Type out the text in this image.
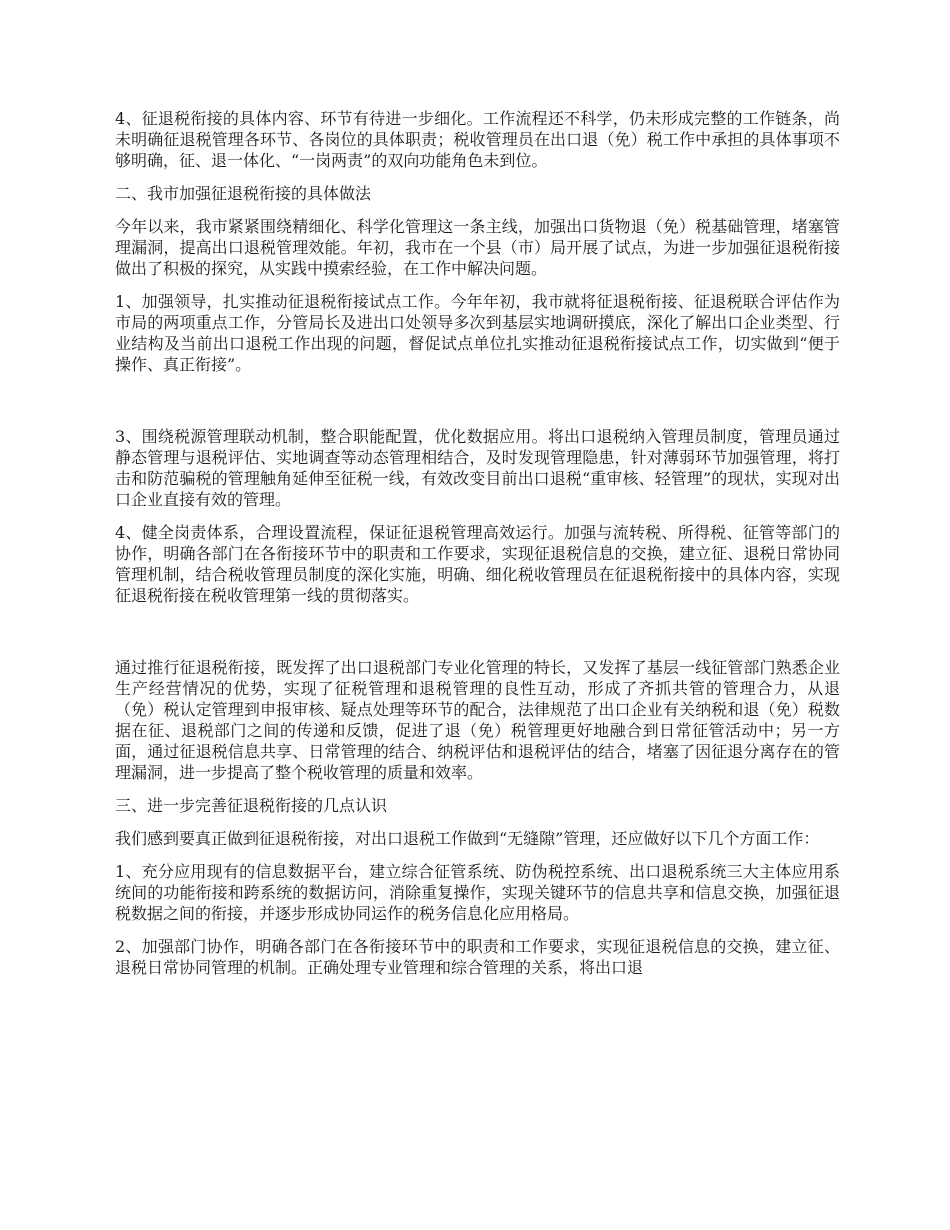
4、征退税衔接的具体内容、环节有待进一步细化。工作流程还不科学，仍未形成完整的工作链条，尚未明确征退税管理各环节、各岗位的具体职责；税收管理员在出口退（免）税工作中承担的具体事项不够明确，征、退一体化、“一岗两责”的双向功能角色未到位。

二、我市加强征退税衔接的具体做法

今年以来，我市紧紧围绕精细化、科学化管理这一条主线，加强出口货物退（免）税基础管理，堵塞管理漏洞，提高出口退税管理效能。年初，我市在一个县（市）局开展了试点，为进一步加强征退税衔接做出了积极的探究，从实践中摸索经验，在工作中解决问题。

1、加强领导，扎实推动征退税衔接试点工作。今年年初，我市就将征退税衔接、征退税联合评估作为市局的两项重点工作，分管局长及进出口处领导多次到基层实地调研摸底，深化了解出口企业类型、行业结构及当前出口退税工作出现的问题，督促试点单位扎实推动征退税衔接试点工作，切实做到“便于操作、真正衔接”。

3、围绕税源管理联动机制，整合职能配置，优化数据应用。将出口退税纳入管理员制度，管理员通过静态管理与退税评估、实地调查等动态管理相结合，及时发现管理隐患，针对薄弱环节加强管理，将打击和防范骗税的管理触角延伸至征税一线，有效改变目前出口退税“重审核、轻管理”的现状，实现对出口企业直接有效的管理。

4、健全岗责体系，合理设置流程，保证征退税管理高效运行。加强与流转税、所得税、征管等部门的协作，明确各部门在各衔接环节中的职责和工作要求，实现征退税信息的交换，建立征、退税日常协同管理机制，结合税收管理员制度的深化实施，明确、细化税收管理员在征退税衔接中的具体内容，实现征退税衔接在税收管理第一线的贯彻落实。

通过推行征退税衔接，既发挥了出口退税部门专业化管理的特长，又发挥了基层一线征管部门熟悉企业生产经营情况的优势，实现了征税管理和退税管理的良性互动，形成了齐抓共管的管理合力，从退（免）税认定管理到申报审核、疑点处理等环节的配合，法律规范了出口企业有关纳税和退（免）税数据在征、退税部门之间的传递和反馈，促进了退（免）税管理更好地融合到日常征管活动中；另一方面，通过征退税信息共享、日常管理的结合、纳税评估和退税评估的结合，堵塞了因征退分离存在的管理漏洞，进一步提高了整个税收管理的质量和效率。

三、进一步完善征退税衔接的几点认识

我们感到要真正做到征退税衔接，对出口退税工作做到“无缝隙”管理，还应做好以下几个方面工作：

1、充分应用现有的信息数据平台，建立综合征管系统、防伪税控系统、出口退税系统三大主体应用系统间的功能衔接和跨系统的数据访问，消除重复操作，实现关键环节的信息共享和信息交换，加强征退税数据之间的衔接，并逐步形成协同运作的税务信息化应用格局。

2、加强部门协作，明确各部门在各衔接环节中的职责和工作要求，实现征退税信息的交换，建立征、退税日常协同管理的机制。正确处理专业管理和综合管理的关系，将出口退
